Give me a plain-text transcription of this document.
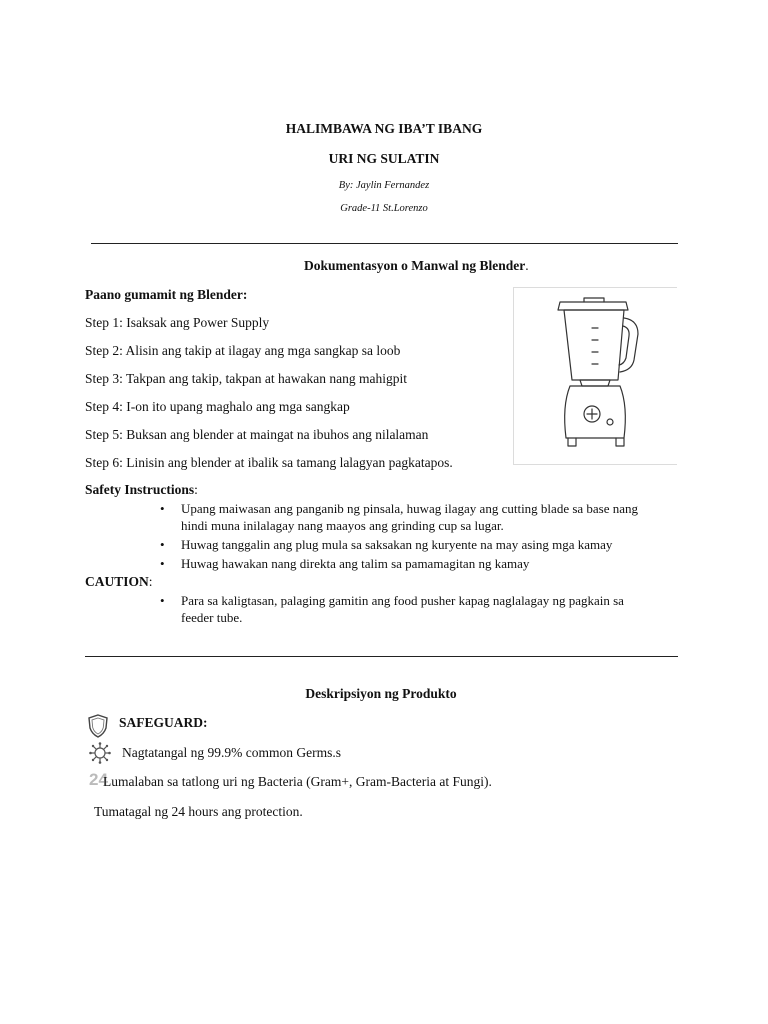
HALIMBAWA NG IBA’T IBANG
URI NG SULATIN
By: Jaylin Fernandez
Grade-11 St.Lorenzo
Dokumentasyon o Manwal ng Blender.
Paano gumamit ng Blender:
Step 1: Isaksak ang Power Supply
Step 2: Alisin ang takip at ilagay ang mga sangkap sa loob
Step 3: Takpan ang takip, takpan at hawakan nang mahigpit
Step 4: I-on ito upang maghalo ang mga sangkap
Step 5: Buksan ang blender at maingat na ibuhos ang nilalaman
Step 6: Linisin ang blender at ibalik sa tamang lalagyan pagkatapos.
Safety Instructions:
• Upang maiwasan ang panganib ng pinsala, huwag ilagay ang cutting blade sa base nang
hindi muna inilalagay nang maayos ang grinding cup sa lugar.
• Huwag tanggalin ang plug mula sa saksakan ng kuryente na may asing mga kamay
• Huwag hawakan nang direkta ang talim sa pamamagitan ng kamay
CAUTION:
• Para sa kaligtasan, palaging gamitin ang food pusher kapag naglalagay ng pagkain sa
feeder tube.
Deskripsiyon ng Produkto
SAFEGUARD:
Nagtatangal ng 99.9% common Germs.s
24
Lumalaban sa tatlong uri ng Bacteria (Gram+, Gram-Bacteria at Fungi).
Tumatagal ng 24 hours ang protection.
